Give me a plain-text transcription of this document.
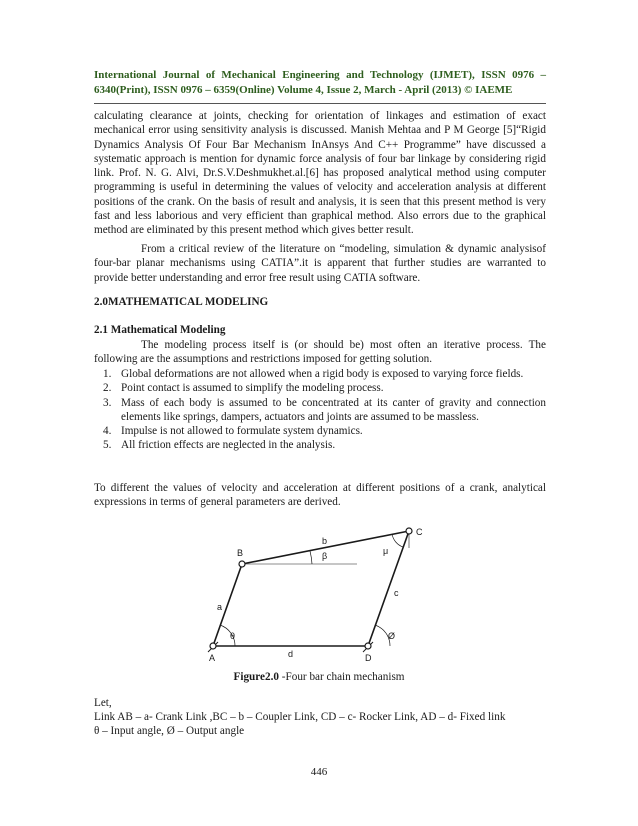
International Journal of Mechanical Engineering and Technology (IJMET), ISSN 0976 – 6340(Print), ISSN 0976 – 6359(Online) Volume 4, Issue 2, March - April (2013) © IAEME
calculating clearance at joints, checking for orientation of linkages and estimation of exact mechanical error using sensitivity analysis is discussed. Manish Mehtaa and P M George [5]“Rigid Dynamics Analysis Of Four Bar Mechanism InAnsys And C++ Programme” have discussed a systematic approach is mention for dynamic force analysis of four bar linkage by considering rigid link. Prof. N. G. Alvi, Dr.S.V.Deshmukhet.al.[6] has proposed analytical method using computer programming is useful in determining the values of velocity and acceleration analysis at different positions of the crank. On the basis of result and analysis, it is seen that this present method is very fast and less laborious and very efficient than graphical method. Also errors due to the graphical method are eliminated by this present method which gives better result.
From a critical review of the literature on “modeling, simulation & dynamic analysisof four-bar planar mechanisms using CATIA”.it is apparent that further studies are warranted to provide better understanding and error free result using CATIA software.
2.0MATHEMATICAL MODELING
2.1 Mathematical Modeling
The modeling process itself is (or should be) most often an iterative process. The following are the assumptions and restrictions imposed for getting solution.
1. Global deformations are not allowed when a rigid body is exposed to varying force fields.
2. Point contact is assumed to simplify the modeling process.
3. Mass of each body is assumed to be concentrated at its canter of gravity and connection elements like springs, dampers, actuators and joints are assumed to be massless.
4. Impulse is not allowed to formulate system dynamics.
5. All friction effects are neglected in the analysis.
To different the values of velocity and acceleration at different positions of a crank, analytical expressions in terms of general parameters are derived.
B
C
A	D
b
a
c
d
θ
β	μ
Ø
Figure2.0 -Four bar chain mechanism
Let,
Link AB – a- Crank Link ,BC – b – Coupler Link, CD – c- Rocker Link, AD – d- Fixed link
θ – Input angle, Ø – Output angle
446
